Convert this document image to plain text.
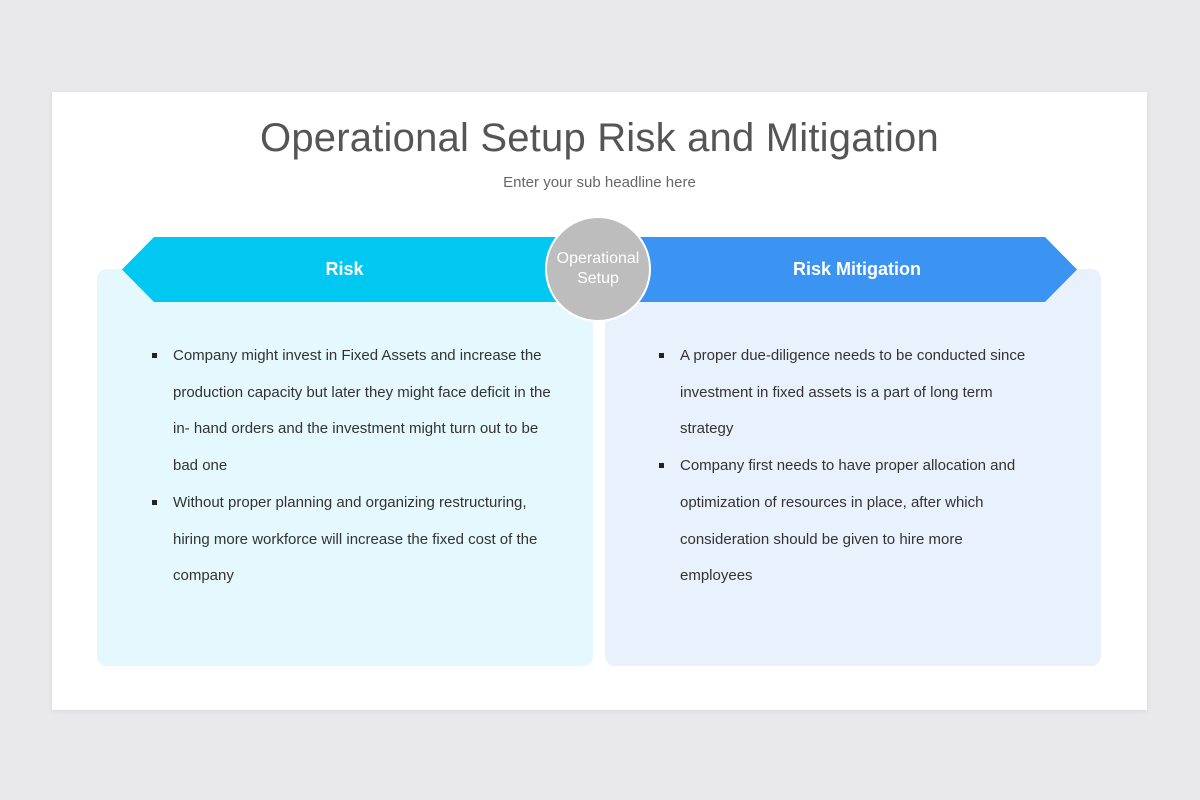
Operational Setup Risk and Mitigation

Enter your sub headline here

Risk	Risk Mitigation
Operational Setup
Company might invest in Fixed Assets and increase the production capacity but later they might face deficit in the in- hand orders and the investment might turn out to be bad one
Without proper planning and organizing restructuring, hiring more workforce will increase the fixed cost of the company
A proper due-diligence needs to be conducted since investment in fixed assets is a part of long term strategy
Company first needs to have proper allocation and optimization of resources in place, after which consideration should be given to hire more employees
